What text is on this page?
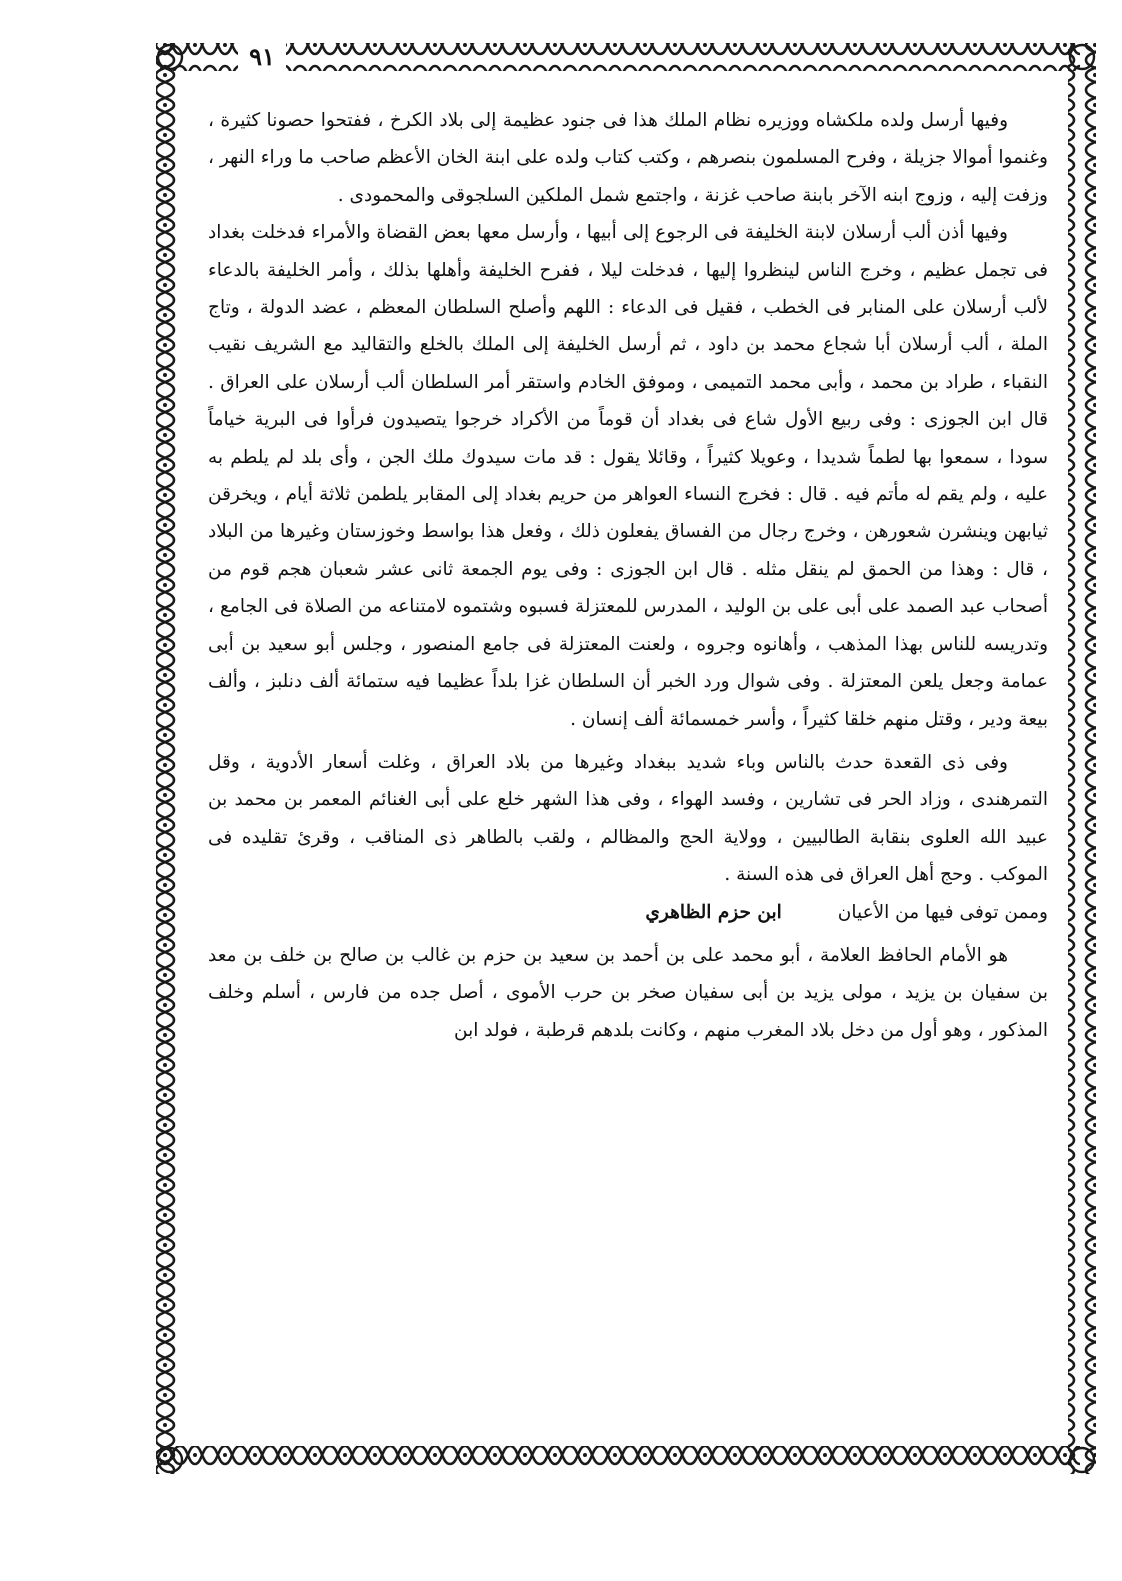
٩١

وفيها أرسل ولده ملكشاه ووزيره نظام الملك هذا فى جنود عظيمة إلى بلاد الكرخ ، ففتحوا حصونا كثيرة ، وغنموا أموالا جزيلة ، وفرح المسلمون بنصرهم ، وكتب كتاب ولده على ابنة الخان الأعظم صاحب ما وراء النهر ، وزفت إليه ، وزوج ابنه الآخر بابنة صاحب غزنة ، واجتمع شمل الملكين السلجوقى والمحمودى .

وفيها أذن ألب أرسلان لابنة الخليفة فى الرجوع إلى أبيها ، وأرسل معها بعض القضاة والأمراء فدخلت بغداد فى تجمل عظيم ، وخرج الناس لينظروا إليها ، فدخلت ليلا ، ففرح الخليفة وأهلها بذلك ، وأمر الخليفة بالدعاء لألب أرسلان على المنابر فى الخطب ، فقيل فى الدعاء : اللهم وأصلح السلطان المعظم ، عضد الدولة ، وتاج الملة ، ألب أرسلان أبا شجاع محمد بن داود ، ثم أرسل الخليفة إلى الملك بالخلع والتقاليد مع الشريف نقيب النقباء ، طراد بن محمد ، وأبى محمد التميمى ، وموفق الخادم واستقر أمر السلطان ألب أرسلان على العراق . قال ابن الجوزى : وفى ربيع الأول شاع فى بغداد أن قوماً من الأكراد خرجوا يتصيدون فرأوا فى البرية خياماً سودا ، سمعوا بها لطماً شديدا ، وعويلا كثيراً ، وقائلا يقول : قد مات سيدوك ملك الجن ، وأى بلد لم يلطم به عليه ، ولم يقم له مأتم فيه . قال : فخرج النساء العواهر من حريم بغداد إلى المقابر يلطمن ثلاثة أيام ، ويخرقن ثيابهن وينشرن شعورهن ، وخرج رجال من الفساق يفعلون ذلك ، وفعل هذا بواسط وخوزستان وغيرها من البلاد ، قال : وهذا من الحمق لم ينقل مثله . قال ابن الجوزى : وفى يوم الجمعة ثانى عشر شعبان هجم قوم من أصحاب عبد الصمد على أبى على بن الوليد ، المدرس للمعتزلة فسبوه وشتموه لامتناعه من الصلاة فى الجامع ، وتدريسه للناس بهذا المذهب ، وأهانوه وجروه ، ولعنت المعتزلة فى جامع المنصور ، وجلس أبو سعيد بن أبى عمامة وجعل يلعن المعتزلة . وفى شوال ورد الخبر أن السلطان غزا بلداً عظيما فيه ستمائة ألف دنلبز ، وألف بيعة ودير ، وقتل منهم خلقا كثيراً ، وأسر خمسمائة ألف إنسان .

وفى ذى القعدة حدث بالناس وباء شديد ببغداد وغيرها من بلاد العراق ، وغلت أسعار الأدوية ، وقل التمرهندى ، وزاد الحر فى تشارين ، وفسد الهواء ، وفى هذا الشهر خلع على أبى الغنائم المعمر بن محمد بن عبيد الله العلوى بنقابة الطالبيين ، وولاية الحج والمظالم ، ولقب بالطاهر ذى المناقب ، وقرئ تقليده فى الموكب . وحج أهل العراق فى هذه السنة .

وممن توفى فيها من الأعيان
ابن حزم الظاهري

هو الأمام الحافظ العلامة ، أبو محمد على بن أحمد بن سعيد بن حزم بن غالب بن صالح بن خلف بن معد بن سفيان بن يزيد ، مولى يزيد بن أبى سفيان صخر بن حرب الأموى ، أصل جده من فارس ، أسلم وخلف المذكور ، وهو أول من دخل بلاد المغرب منهم ، وكانت بلدهم قرطبة ، فولد ابن
